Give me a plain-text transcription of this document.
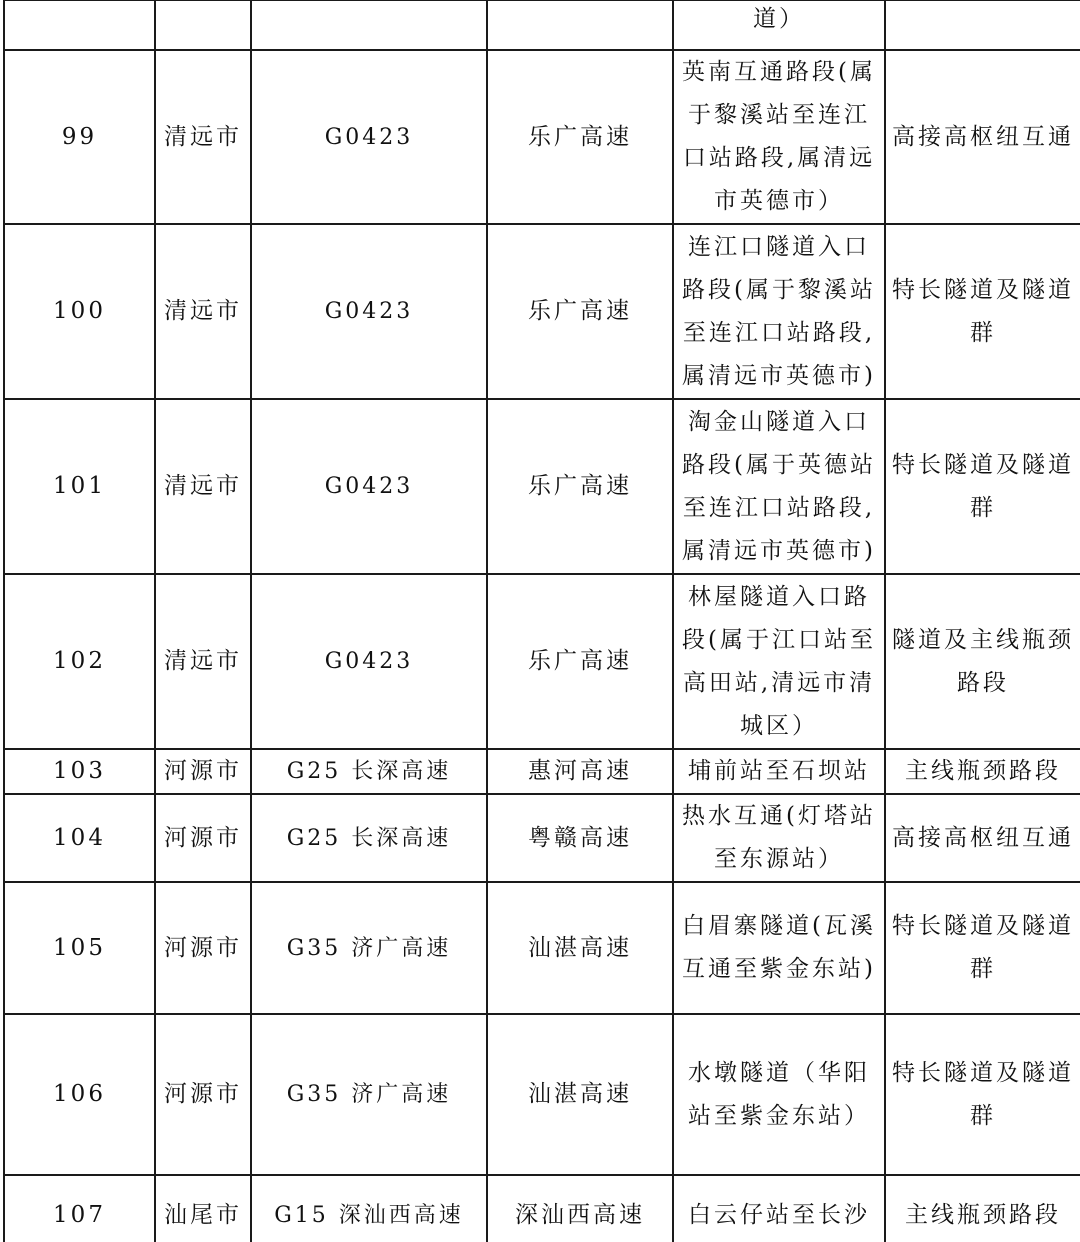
				道）	
99	清远市	G0423	乐广高速	英南互通路段(属于黎溪站至连江口站路段,属清远市英德市）	高接高枢纽互通
100	清远市	G0423	乐广高速	连江口隧道入口路段(属于黎溪站至连江口站路段,属清远市英德市)	特长隧道及隧道群
101	清远市	G0423	乐广高速	淘金山隧道入口路段(属于英德站至连江口站路段,属清远市英德市)	特长隧道及隧道群
102	清远市	G0423	乐广高速	林屋隧道入口路段(属于江口站至高田站,清远市清城区）	隧道及主线瓶颈路段
103	河源市	G25 长深高速	惠河高速	埔前站至石坝站	主线瓶颈路段
104	河源市	G25 长深高速	粤赣高速	热水互通(灯塔站至东源站）	高接高枢纽互通
105	河源市	G35 济广高速	汕湛高速	白眉寨隧道(瓦溪互通至紫金东站)	特长隧道及隧道群
106	河源市	G35 济广高速	汕湛高速	水墩隧道（华阳站至紫金东站）	特长隧道及隧道群
107	汕尾市	G15 深汕西高速	深汕西高速	白云仔站至长沙	主线瓶颈路段
